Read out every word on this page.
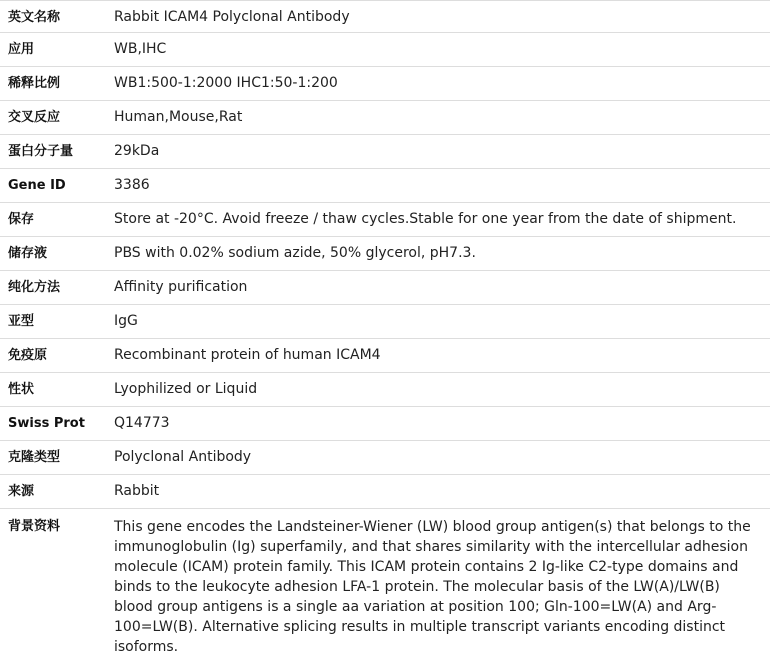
英文名称	Rabbit ICAM4 Polyclonal Antibody
应用	WB,IHC
稀释比例	WB1:500-1:2000 IHC1:50-1:200
交叉反应	Human,Mouse,Rat
蛋白分子量	29kDa
Gene ID	3386
保存	Store at -20°C. Avoid freeze / thaw cycles.Stable for one year from the date of shipment.
储存液	PBS with 0.02% sodium azide, 50% glycerol, pH7.3.
纯化方法	Affinity purification
亚型	IgG
免疫原	Recombinant protein of human ICAM4
性状	Lyophilized or Liquid
Swiss Prot	Q14773
克隆类型	Polyclonal Antibody
来源	Rabbit
背景资料	This gene encodes the Landsteiner-Wiener (LW) blood group antigen(s) that belongs to the immunoglobulin (Ig) superfamily, and that shares similarity with the intercellular adhesion molecule (ICAM) protein family. This ICAM protein contains 2 Ig-like C2-type domains and binds to the leukocyte adhesion LFA-1 protein. The molecular basis of the LW(A)/LW(B) blood group antigens is a single aa variation at position 100; Gln-100=LW(A) and Arg-100=LW(B). Alternative splicing results in multiple transcript variants encoding distinct isoforms.
